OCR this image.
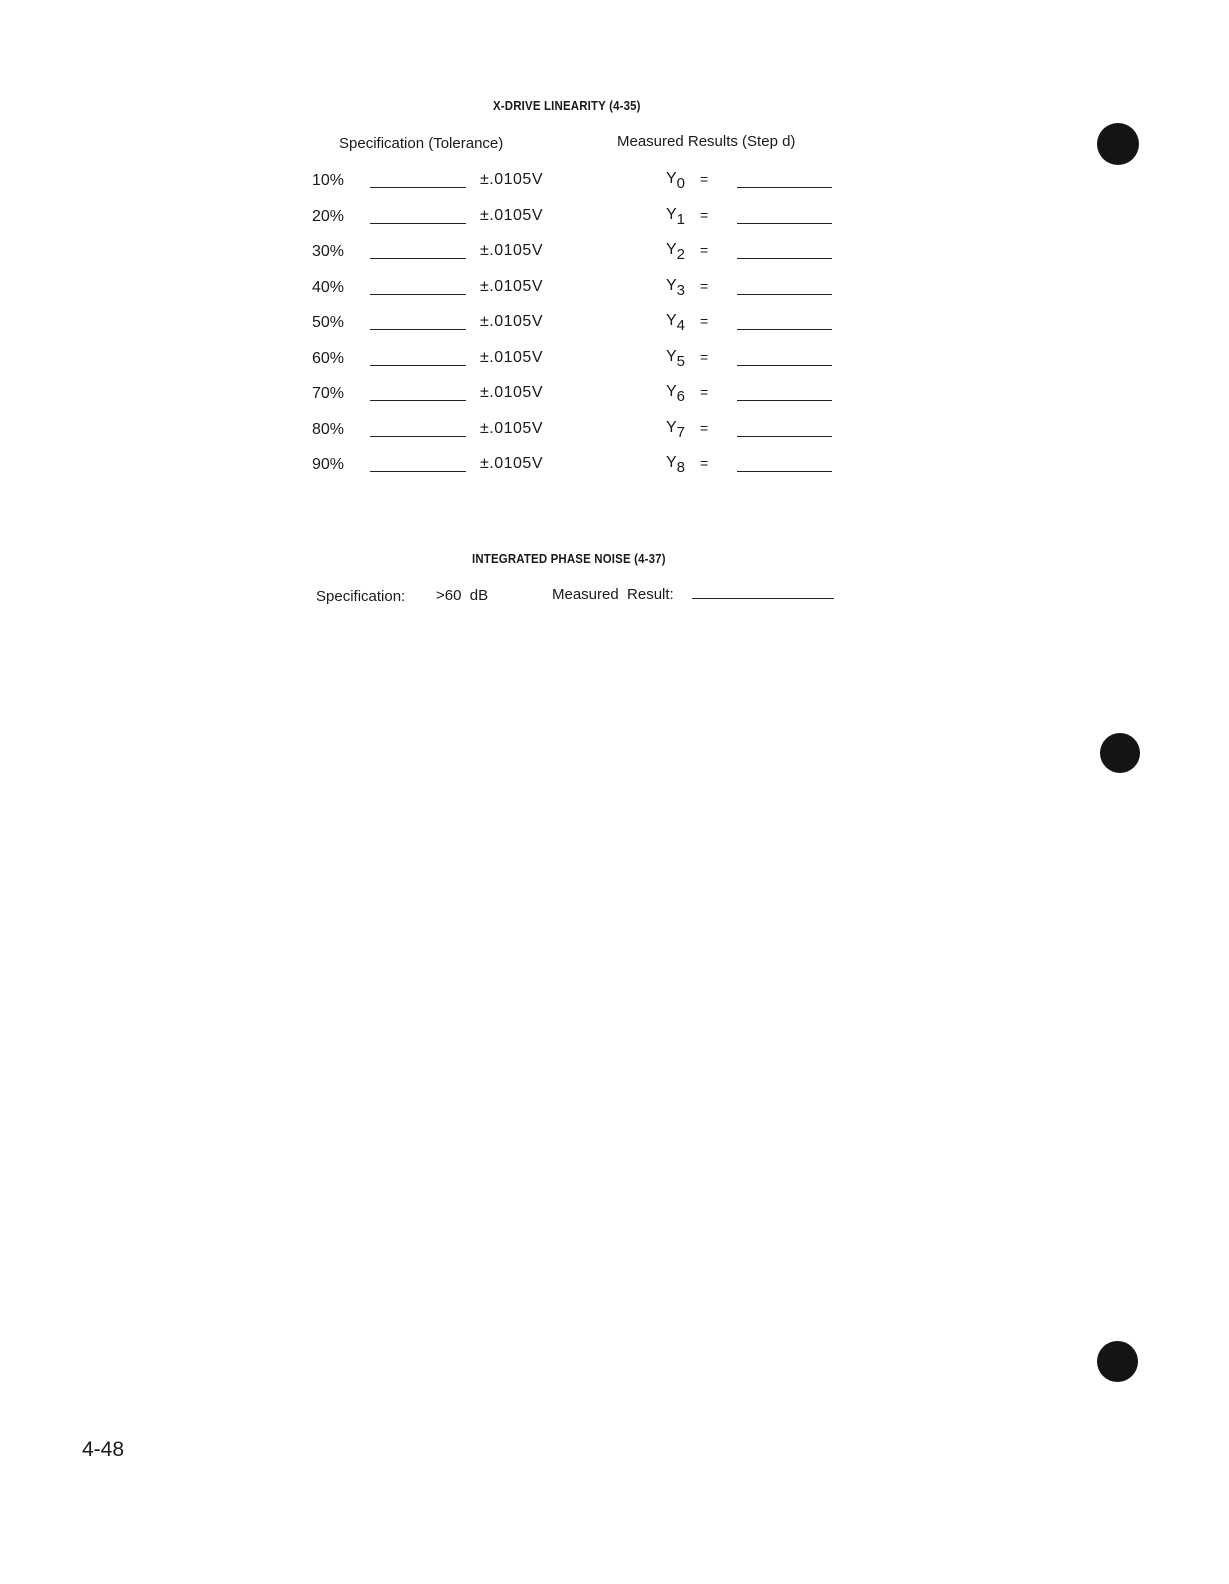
X-DRIVE LINEARITY (4-35)
Specification (Tolerance)	Measured Results (Step d)
10%	±.0105V	$Y_0$ =
20%	±.0105V	$Y_1$ =
30%	±.0105V	$Y_2$ =
40%	±.0105V	$Y_3$ =
50%	±.0105V	$Y_4$ =
60%	±.0105V	$Y_5$ =
70%	±.0105V	$Y_6$ =
80%	±.0105V	$Y_7$ =
90%	±.0105V	$Y_8$ =
INTEGRATED PHASE NOISE (4-37)
Specification: >60  dB	Measured  Result:
4-48
